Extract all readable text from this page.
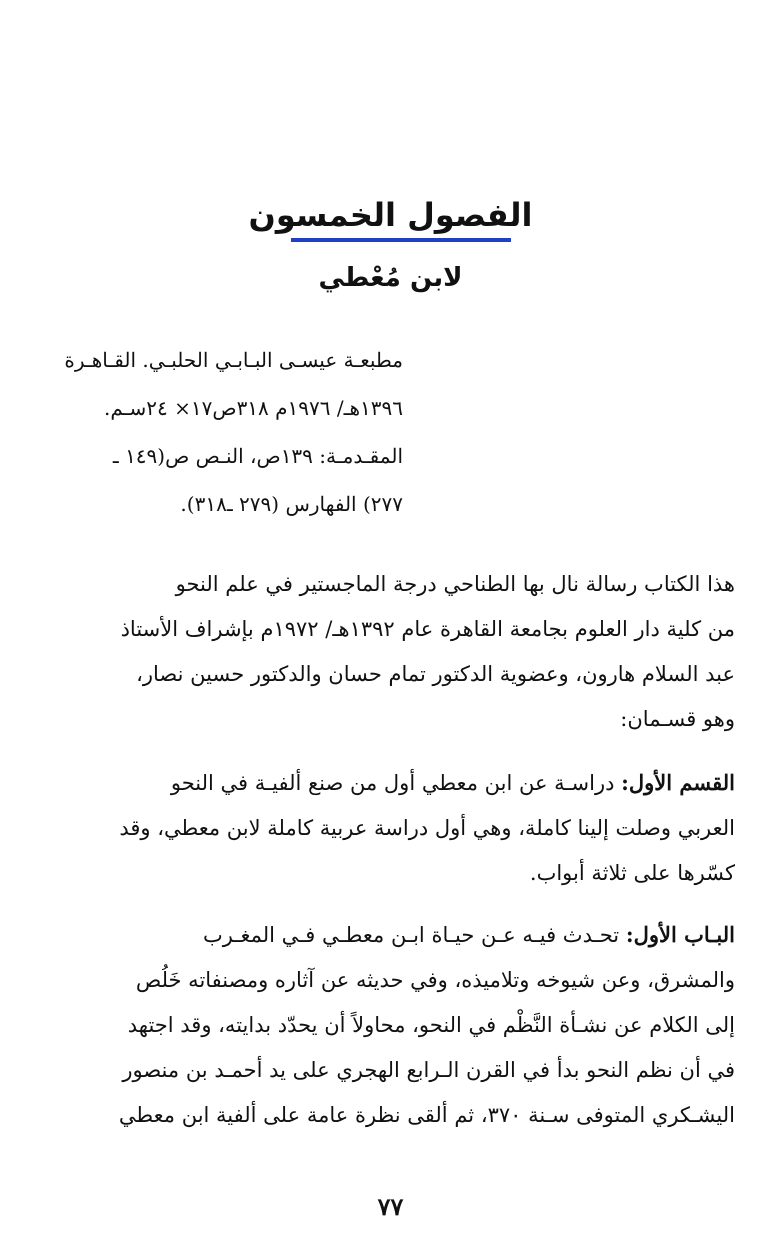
الفصول الخمسون
لابن مُعْطي

مطبعـة عيسـى البـابـي الحلبـي. القـاهـرة

١٣٩٦هـ/ ١٩٧٦م ٣١٨ص١٧× ٢٤سـم.

المقـدمـة: ١٣٩ص، النـص ص(١٤٩ ـ

٢٧٧) الفهارس (٢٧٩ ـ٣١٨).

هذا الكتاب رسالة نال بها الطناحي درجة الماجستير في علم النحو

من كلية دار العلوم بجامعة القاهرة عام ١٣٩٢هـ/ ١٩٧٢م بإشراف الأستاذ

عبد السلام هارون، وعضوية الدكتور تمام حسان والدكتور حسين نصار،

وهو قسـمان:

القسم الأول: دراسـة عن ابن معطي أول من صنع ألفيـة في النحو

العربي وصلت إلينا كاملة، وهي أول دراسة عربية كاملة لابن معطي، وقد

كسّرها على ثلاثة أبواب.

البـاب الأول: تحـدث فيـه عـن حيـاة ابـن معطـي فـي المغـرب

والمشرق، وعن شيوخه وتلاميذه، وفي حديثه عن آثاره ومصنفاته خَلُص

إلى الكلام عن نشـأة النَّظْم في النحو، محاولاً أن يحدّد بدايته، وقد اجتهد

في أن نظم النحو بدأ في القرن الـرابع الهجري على يد أحمـد بن منصور

اليشـكري المتوفى سـنة ٣٧٠، ثم ألقى نظرة عامة على ألفية ابن معطي

٧٧
